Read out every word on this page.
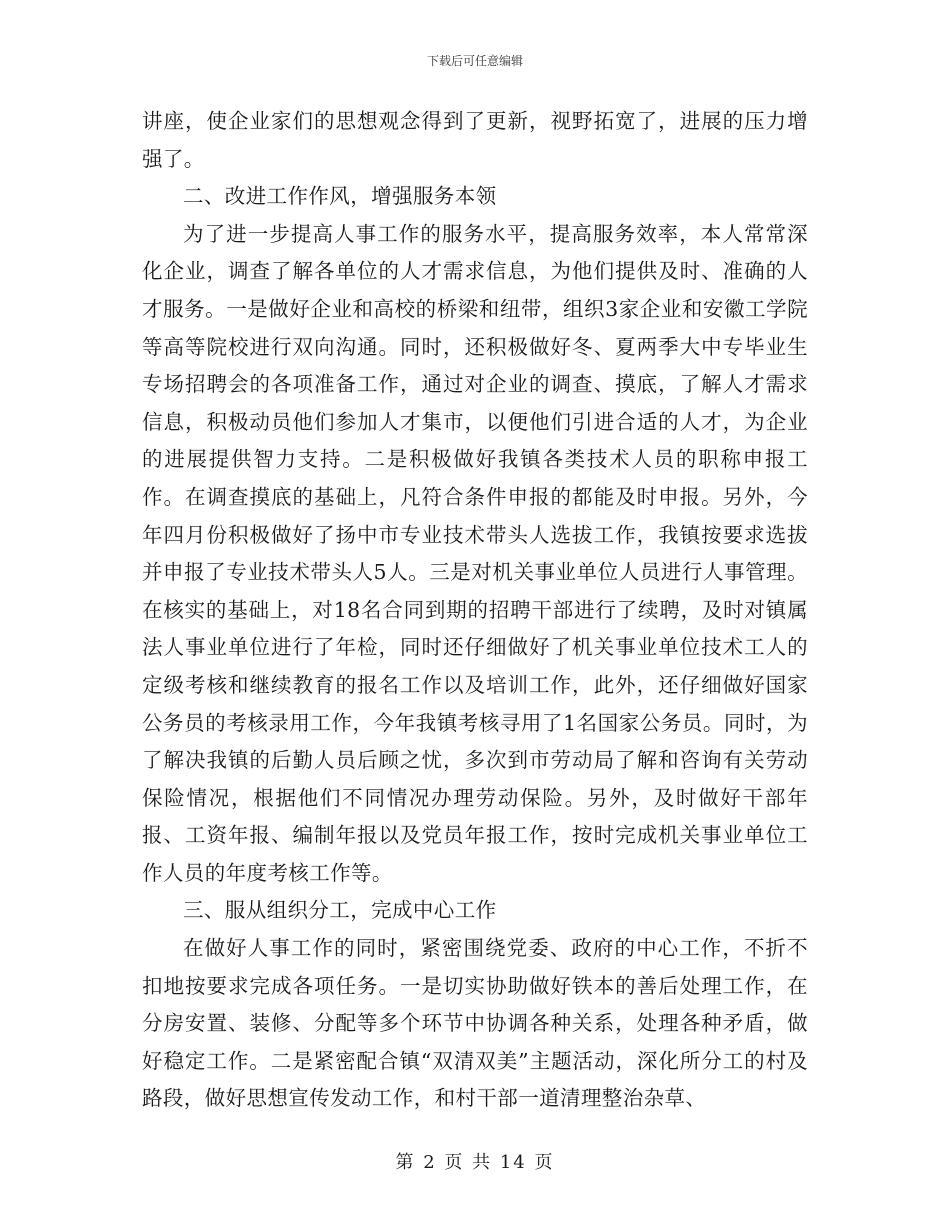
下载后可任意编辑

讲座，使企业家们的思想观念得到了更新，视野拓宽了，进展的压力增强了。

二、改进工作作风，增强服务本领

为了进一步提高人事工作的服务水平，提高服务效率，本人常常深化企业，调查了解各单位的人才需求信息，为他们提供及时、准确的人才服务。一是做好企业和高校的桥梁和纽带，组织3家企业和安徽工学院等高等院校进行双向沟通。同时，还积极做好冬、夏两季大中专毕业生专场招聘会的各项准备工作，通过对企业的调查、摸底，了解人才需求信息，积极动员他们参加人才集市，以便他们引进合适的人才，为企业的进展提供智力支持。二是积极做好我镇各类技术人员的职称申报工作。在调查摸底的基础上，凡符合条件申报的都能及时申报。另外，今年四月份积极做好了扬中市专业技术带头人选拔工作，我镇按要求选拔并申报了专业技术带头人5人。三是对机关事业单位人员进行人事管理。在核实的基础上，对18名合同到期的招聘干部进行了续聘，及时对镇属法人事业单位进行了年检，同时还仔细做好了机关事业单位技术工人的定级考核和继续教育的报名工作以及培训工作，此外，还仔细做好国家公务员的考核录用工作，今年我镇考核寻用了1名国家公务员。同时，为了解决我镇的后勤人员后顾之忧，多次到市劳动局了解和咨询有关劳动保险情况，根据他们不同情况办理劳动保险。另外，及时做好干部年报、工资年报、编制年报以及党员年报工作，按时完成机关事业单位工作人员的年度考核工作等。

三、服从组织分工，完成中心工作

在做好人事工作的同时，紧密围绕党委、政府的中心工作，不折不扣地按要求完成各项任务。一是切实协助做好铁本的善后处理工作，在分房安置、装修、分配等多个环节中协调各种关系，处理各种矛盾，做好稳定工作。二是紧密配合镇“双清双美”主题活动，深化所分工的村及路段，做好思想宣传发动工作，和村干部一道清理整治杂草、

第 2 页 共 14 页
